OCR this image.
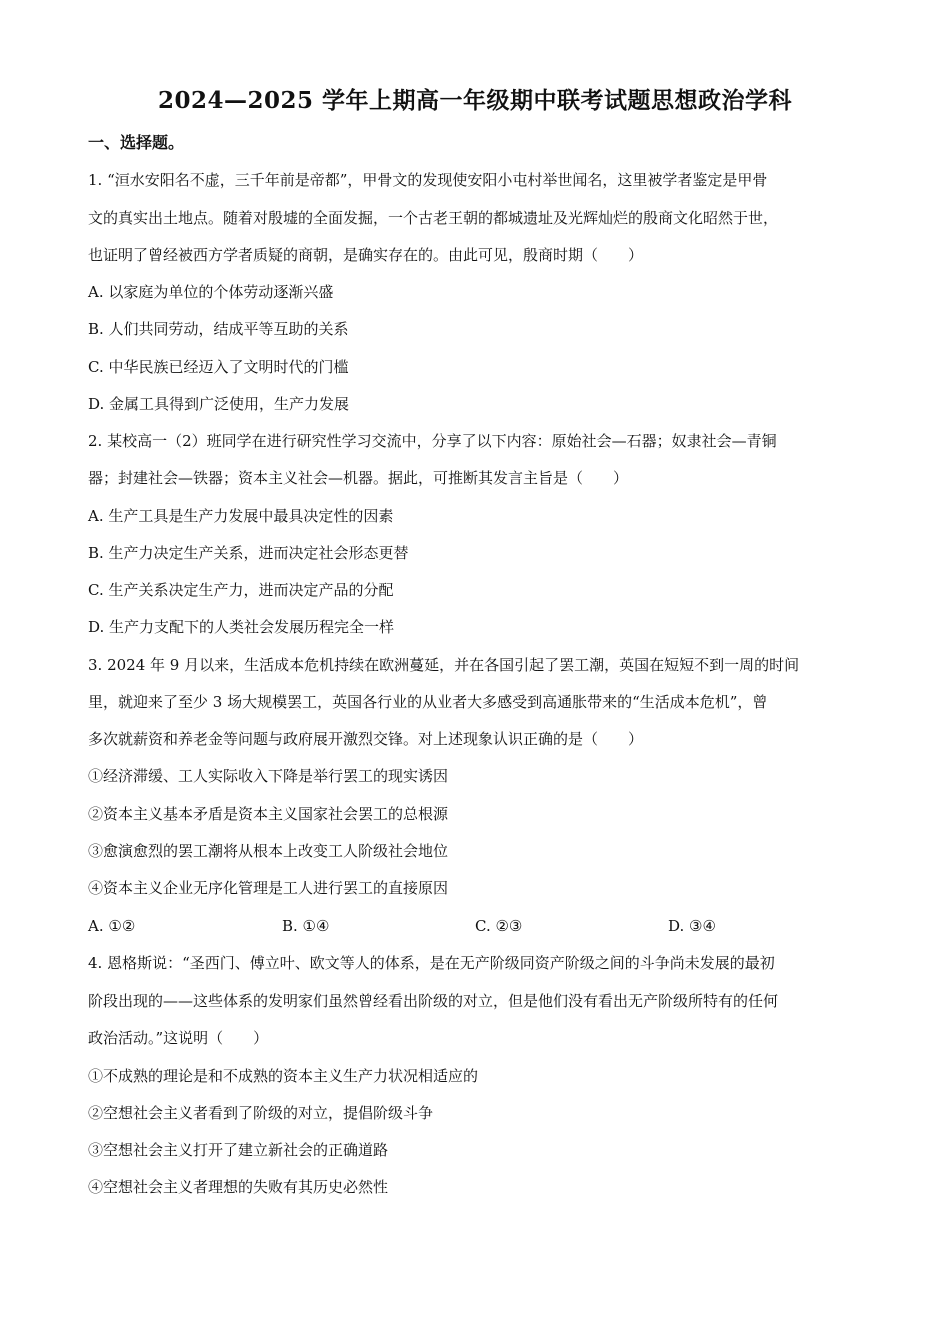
2024—2025 学年上期高一年级期中联考试题思想政治学科
一、选择题。
1. “洹水安阳名不虚，三千年前是帝都”，甲骨文的发现使安阳小屯村举世闻名，这里被学者鉴定是甲骨
文的真实出土地点。随着对殷墟的全面发掘，一个古老王朝的都城遗址及光辉灿烂的殷商文化昭然于世，
也证明了曾经被西方学者质疑的商朝，是确实存在的。由此可见，殷商时期（　　）
A. 以家庭为单位的个体劳动逐渐兴盛
B. 人们共同劳动，结成平等互助的关系
C. 中华民族已经迈入了文明时代的门槛
D. 金属工具得到广泛使用，生产力发展
2. 某校高一（2）班同学在进行研究性学习交流中，分享了以下内容：原始社会—石器；奴隶社会—青铜
器；封建社会—铁器；资本主义社会—机器。据此，可推断其发言主旨是（　　）
A. 生产工具是生产力发展中最具决定性的因素
B. 生产力决定生产关系，进而决定社会形态更替
C. 生产关系决定生产力，进而决定产品的分配
D. 生产力支配下的人类社会发展历程完全一样
3. 2024 年 9 月以来，生活成本危机持续在欧洲蔓延，并在各国引起了罢工潮，英国在短短不到一周的时间
里，就迎来了至少 3 场大规模罢工，英国各行业的从业者大多感受到高通胀带来的“生活成本危机”，曾
多次就薪资和养老金等问题与政府展开激烈交锋。对上述现象认识正确的是（　　）
①经济滞缓、工人实际收入下降是举行罢工的现实诱因
②资本主义基本矛盾是资本主义国家社会罢工的总根源
③愈演愈烈的罢工潮将从根本上改变工人阶级社会地位
④资本主义企业无序化管理是工人进行罢工的直接原因
A. ①②	B. ①④	C. ②③	D. ③④
4. 恩格斯说：“圣西门、傅立叶、欧文等人的体系，是在无产阶级同资产阶级之间的斗争尚未发展的最初
阶段出现的——这些体系的发明家们虽然曾经看出阶级的对立，但是他们没有看出无产阶级所特有的任何
政治活动。”这说明（　　）
①不成熟的理论是和不成熟的资本主义生产力状况相适应的
②空想社会主义者看到了阶级的对立，提倡阶级斗争
③空想社会主义打开了建立新社会的正确道路
④空想社会主义者理想的失败有其历史必然性
